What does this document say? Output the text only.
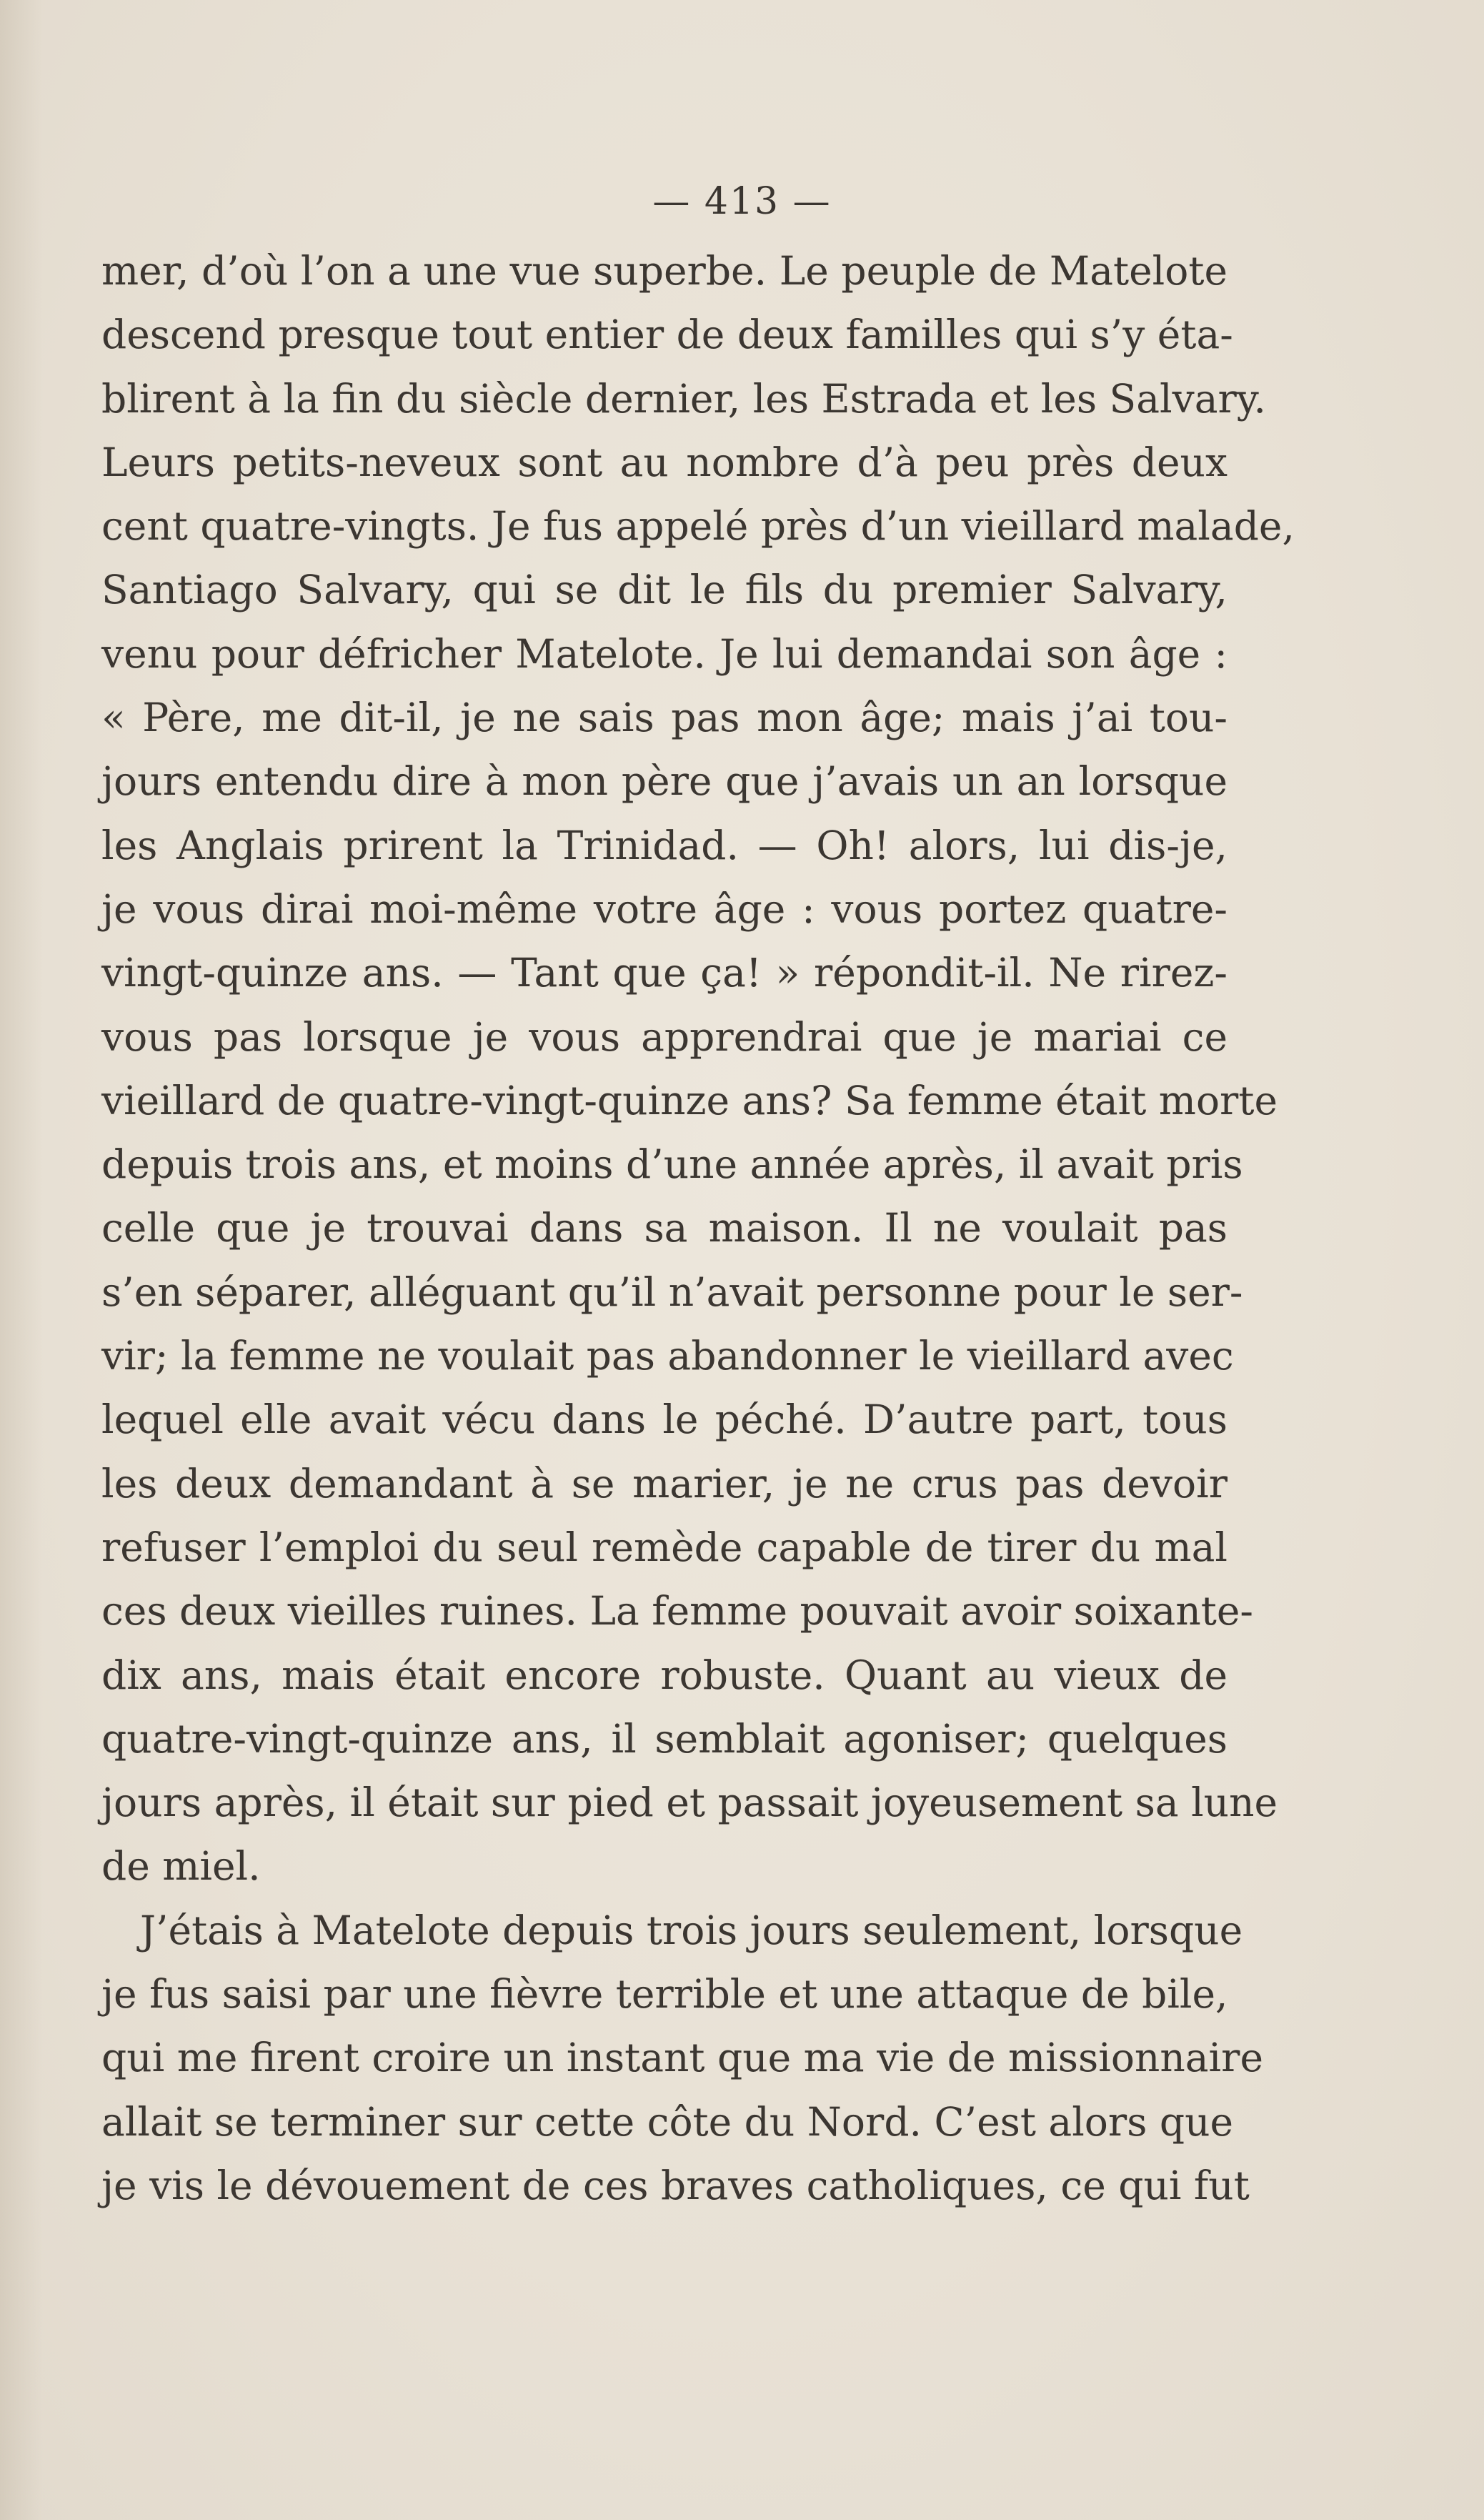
— 413 —
mer, d’où l’on a une vue superbe. Le peuple de Matelote
descend presque tout entier de deux familles qui s’y éta-
blirent à la fin du siècle dernier, les Estrada et les Salvary.
Leurs petits-neveux sont au nombre d’à peu près deux
cent quatre-vingts. Je fus appelé près d’un vieillard malade,
Santiago Salvary, qui se dit le fils du premier Salvary,
venu pour défricher Matelote. Je lui demandai son âge :
« Père, me dit-il, je ne sais pas mon âge; mais j’ai tou-
jours entendu dire à mon père que j’avais un an lorsque
les Anglais prirent la Trinidad. — Oh! alors, lui dis-je,
je vous dirai moi-même votre âge : vous portez quatre-
vingt-quinze ans. — Tant que ça! » répondit-il. Ne rirez-
vous pas lorsque je vous apprendrai que je mariai ce
vieillard de quatre-vingt-quinze ans? Sa femme était morte
depuis trois ans, et moins d’une année après, il avait pris
celle que je trouvai dans sa maison. Il ne voulait pas
s’en séparer, alléguant qu’il n’avait personne pour le ser-
vir; la femme ne voulait pas abandonner le vieillard avec
lequel elle avait vécu dans le péché. D’autre part, tous
les deux demandant à se marier, je ne crus pas devoir
refuser l’emploi du seul remède capable de tirer du mal
ces deux vieilles ruines. La femme pouvait avoir soixante-
dix ans, mais était encore robuste. Quant au vieux de
quatre-vingt-quinze ans, il semblait agoniser; quelques
jours après, il était sur pied et passait joyeusement sa lune
de miel.
J’étais à Matelote depuis trois jours seulement, lorsque
je fus saisi par une fièvre terrible et une attaque de bile,
qui me firent croire un instant que ma vie de missionnaire
allait se terminer sur cette côte du Nord. C’est alors que
je vis le dévouement de ces braves catholiques, ce qui fut
